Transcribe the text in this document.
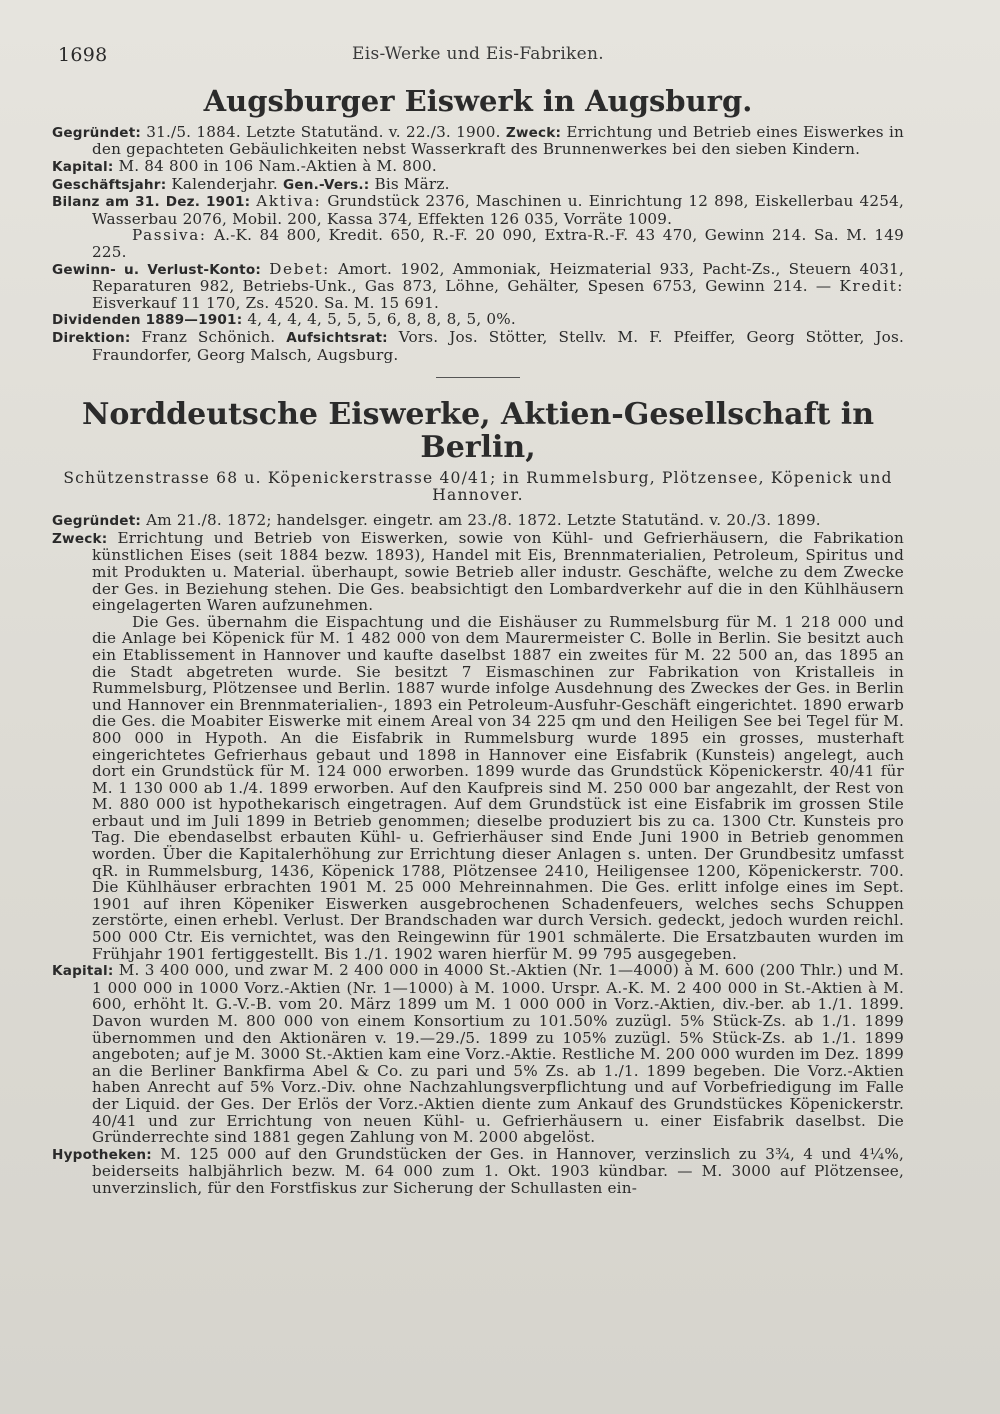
1698	Eis-Werke und Eis-Fabriken.
Augsburger Eiswerk in Augsburg.

Gegründet: 31./5. 1884. Letzte Statutänd. v. 22./3. 1900. Zweck: Errichtung und Betrieb eines Eiswerkes in den gepachteten Gebäulichkeiten nebst Wasserkraft des Brunnenwerkes bei den sieben Kindern.

Kapital: M. 84 800 in 106 Nam.-Aktien à M. 800.

Geschäftsjahr: Kalenderjahr. Gen.-Vers.: Bis März.

Bilanz am 31. Dez. 1901: Aktiva: Grundstück 2376, Maschinen u. Einrichtung 12 898, Eiskellerbau 4254, Wasserbau 2076, Mobil. 200, Kassa 374, Effekten 126 035, Vorräte 1009.

Passiva: A.-K. 84 800, Kredit. 650, R.-F. 20 090, Extra-R.-F. 43 470, Gewinn 214. Sa. M. 149 225.

Gewinn- u. Verlust-Konto: Debet: Amort. 1902, Ammoniak, Heizmaterial 933, Pacht-Zs., Steuern 4031, Reparaturen 982, Betriebs-Unk., Gas 873, Löhne, Gehälter, Spesen 6753, Gewinn 214. — Kredit: Eisverkauf 11 170, Zs. 4520. Sa. M. 15 691.

Dividenden 1889—1901: 4, 4, 4, 4, 5, 5, 5, 6, 8, 8, 8, 5, 0%.

Direktion: Franz Schönich. Aufsichtsrat: Vors. Jos. Stötter, Stellv. M. F. Pfeiffer, Georg Stötter, Jos. Fraundorfer, Georg Malsch, Augsburg.

Norddeutsche Eiswerke, Aktien-Gesellschaft in Berlin,

Schützenstrasse 68 u. Köpenickerstrasse 40/41; in Rummelsburg, Plötzensee, Köpenick und Hannover.

Gegründet: Am 21./8. 1872; handelsger. eingetr. am 23./8. 1872. Letzte Statutänd. v. 20./3. 1899.

Zweck: Errichtung und Betrieb von Eiswerken, sowie von Kühl- und Gefrierhäusern, die Fabrikation künstlichen Eises (seit 1884 bezw. 1893), Handel mit Eis, Brennmaterialien, Petroleum, Spiritus und mit Produkten u. Material. überhaupt, sowie Betrieb aller industr. Geschäfte, welche zu dem Zwecke der Ges. in Beziehung stehen. Die Ges. beabsichtigt den Lombardverkehr auf die in den Kühlhäusern eingelagerten Waren aufzunehmen.

Die Ges. übernahm die Eispachtung und die Eishäuser zu Rummelsburg für M. 1 218 000 und die Anlage bei Köpenick für M. 1 482 000 von dem Maurermeister C. Bolle in Berlin. Sie besitzt auch ein Etablissement in Hannover und kaufte daselbst 1887 ein zweites für M. 22 500 an, das 1895 an die Stadt abgetreten wurde. Sie besitzt 7 Eismaschinen zur Fabrikation von Kristalleis in Rummelsburg, Plötzensee und Berlin. 1887 wurde infolge Ausdehnung des Zweckes der Ges. in Berlin und Hannover ein Brennmaterialien-, 1893 ein Petroleum-Ausfuhr-Geschäft eingerichtet. 1890 erwarb die Ges. die Moabiter Eiswerke mit einem Areal von 34 225 qm und den Heiligen See bei Tegel für M. 800 000 in Hypoth. An die Eisfabrik in Rummelsburg wurde 1895 ein grosses, musterhaft eingerichtetes Gefrierhaus gebaut und 1898 in Hannover eine Eisfabrik (Kunsteis) angelegt, auch dort ein Grundstück für M. 124 000 erworben. 1899 wurde das Grundstück Köpenickerstr. 40/41 für M. 1 130 000 ab 1./4. 1899 erworben. Auf den Kaufpreis sind M. 250 000 bar angezahlt, der Rest von M. 880 000 ist hypothekarisch eingetragen. Auf dem Grundstück ist eine Eisfabrik im grossen Stile erbaut und im Juli 1899 in Betrieb genommen; dieselbe produziert bis zu ca. 1300 Ctr. Kunsteis pro Tag. Die ebendaselbst erbauten Kühl- u. Gefrierhäuser sind Ende Juni 1900 in Betrieb genommen worden. Über die Kapitalerhöhung zur Errichtung dieser Anlagen s. unten. Der Grundbesitz umfasst qR. in Rummelsburg, 1436, Köpenick 1788, Plötzensee 2410, Heiligensee 1200, Köpenickerstr. 700. Die Kühlhäuser erbrachten 1901 M. 25 000 Mehreinnahmen. Die Ges. erlitt infolge eines im Sept. 1901 auf ihren Köpeniker Eiswerken ausgebrochenen Schadenfeuers, welches sechs Schuppen zerstörte, einen erhebl. Verlust. Der Brandschaden war durch Versich. gedeckt, jedoch wurden reichl. 500 000 Ctr. Eis vernichtet, was den Reingewinn für 1901 schmälerte. Die Ersatzbauten wurden im Frühjahr 1901 fertiggestellt. Bis 1./1. 1902 waren hierfür M. 99 795 ausgegeben.

Kapital: M. 3 400 000, und zwar M. 2 400 000 in 4000 St.-Aktien (Nr. 1—4000) à M. 600 (200 Thlr.) und M. 1 000 000 in 1000 Vorz.-Aktien (Nr. 1—1000) à M. 1000. Urspr. A.-K. M. 2 400 000 in St.-Aktien à M. 600, erhöht lt. G.-V.-B. vom 20. März 1899 um M. 1 000 000 in Vorz.-Aktien, div.-ber. ab 1./1. 1899. Davon wurden M. 800 000 von einem Konsortium zu 101.50% zuzügl. 5% Stück-Zs. ab 1./1. 1899 übernommen und den Aktionären v. 19.—29./5. 1899 zu 105% zuzügl. 5% Stück-Zs. ab 1./1. 1899 angeboten; auf je M. 3000 St.-Aktien kam eine Vorz.-Aktie. Restliche M. 200 000 wurden im Dez. 1899 an die Berliner Bankfirma Abel & Co. zu pari und 5% Zs. ab 1./1. 1899 begeben. Die Vorz.-Aktien haben Anrecht auf 5% Vorz.-Div. ohne Nachzahlungsverpflichtung und auf Vorbefriedigung im Falle der Liquid. der Ges. Der Erlös der Vorz.-Aktien diente zum Ankauf des Grundstückes Köpenickerstr. 40/41 und zur Errichtung von neuen Kühl- u. Gefrierhäusern u. einer Eisfabrik daselbst. Die Gründerrechte sind 1881 gegen Zahlung von M. 2000 abgelöst.

Hypotheken: M. 125 000 auf den Grundstücken der Ges. in Hannover, verzinslich zu 3¾, 4 und 4¼%, beiderseits halbjährlich bezw. M. 64 000 zum 1. Okt. 1903 kündbar. — M. 3000 auf Plötzensee, unverzinslich, für den Forstfiskus zur Sicherung der Schullasten ein-
